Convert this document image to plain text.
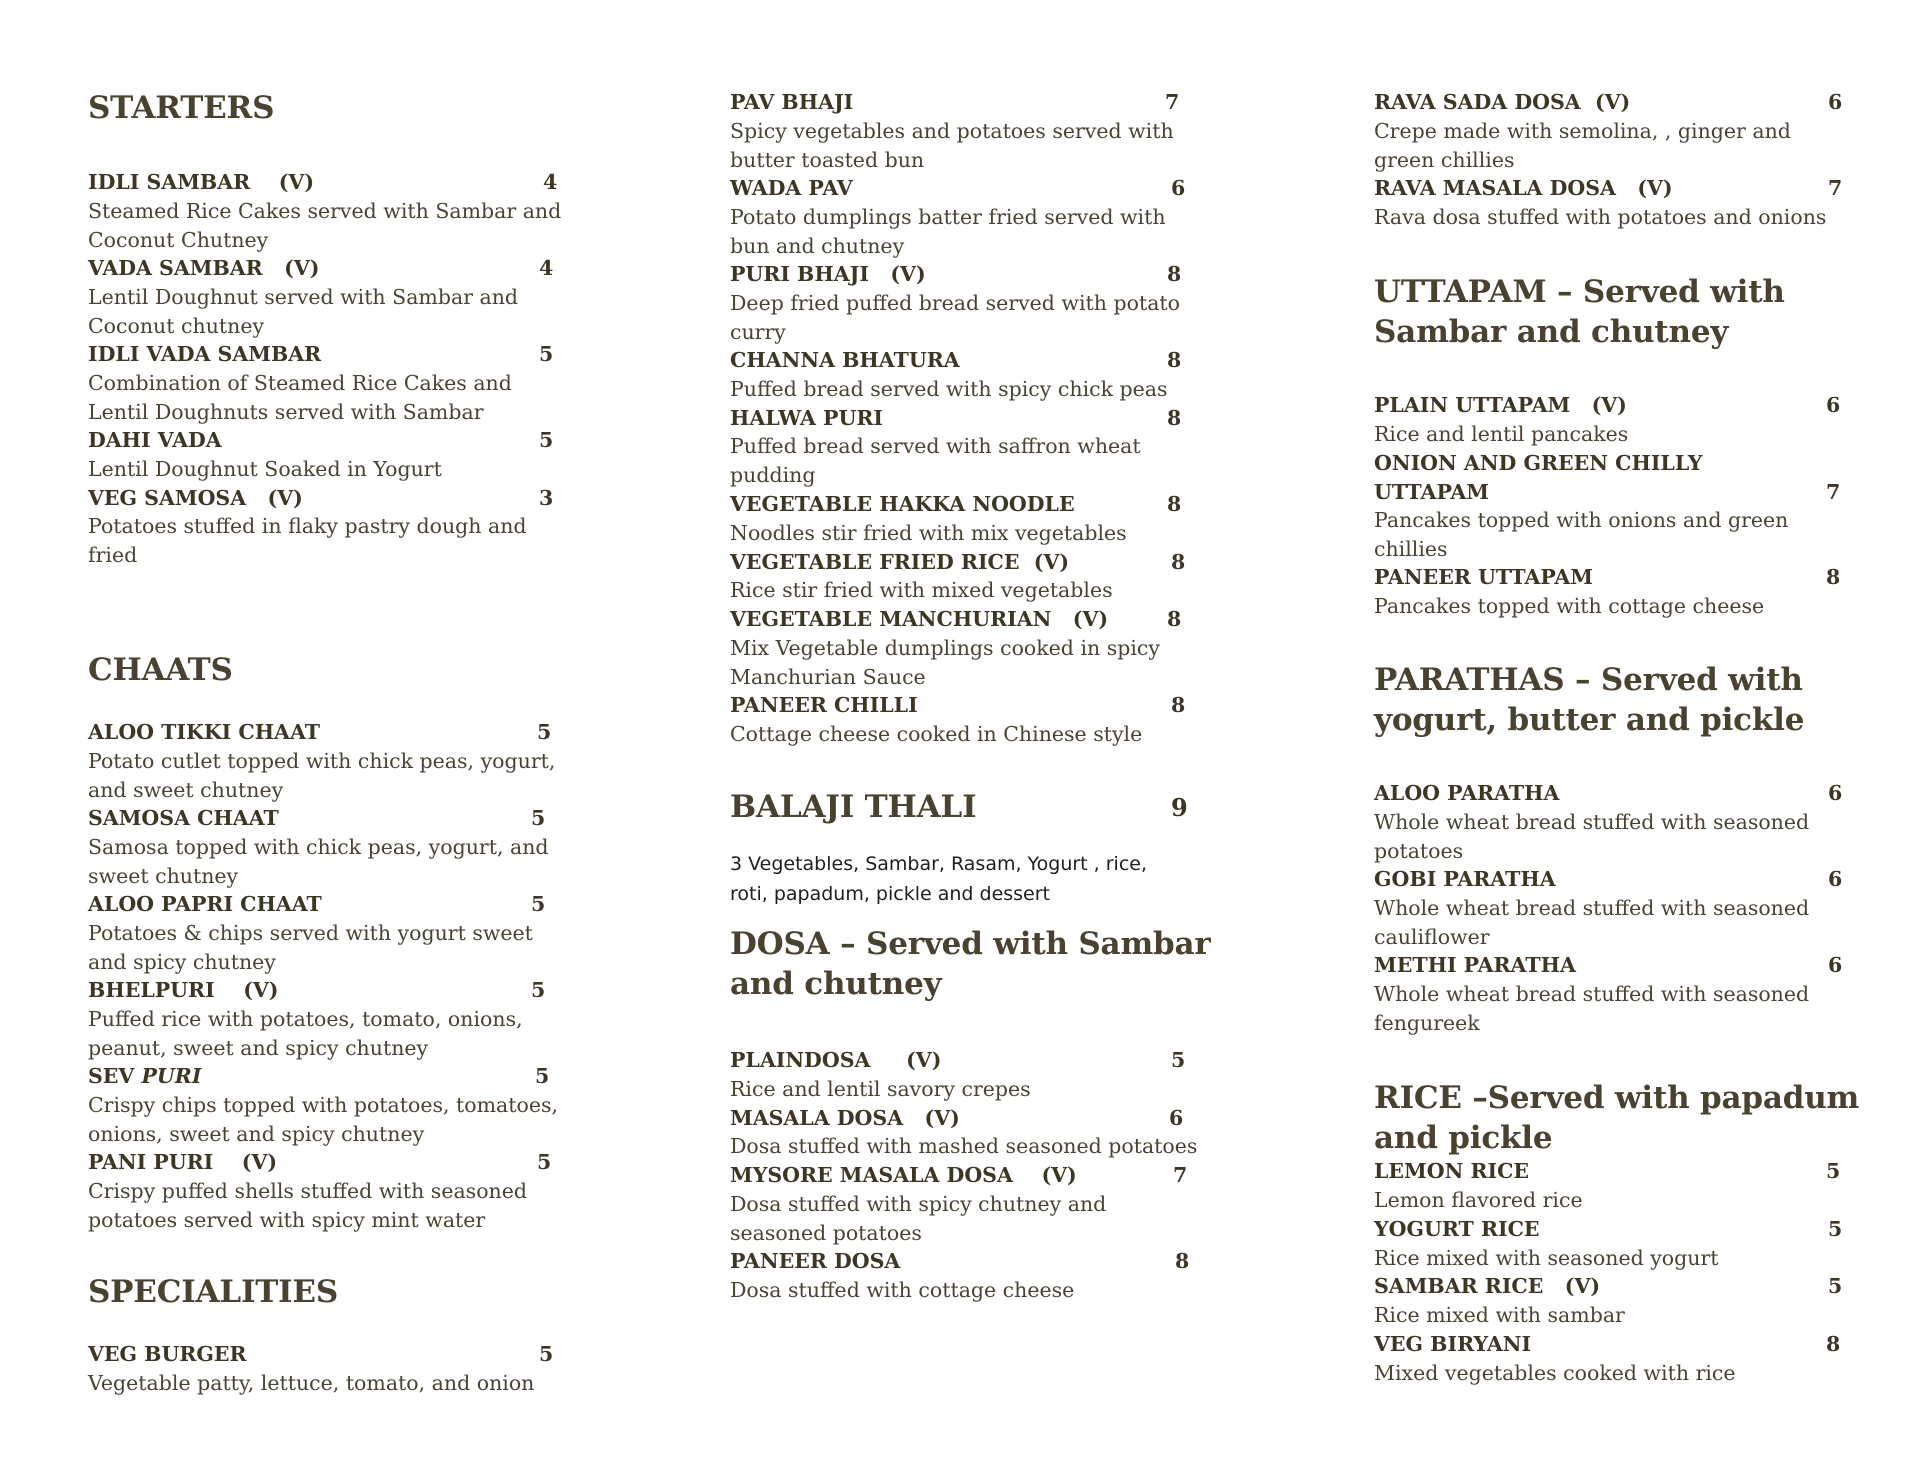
STARTERS
IDLI SAMBAR    (V)	4
Steamed Rice Cakes served with Sambar and
Coconut Chutney
VADA SAMBAR   (V)	4
Lentil Doughnut served with Sambar and
Coconut chutney
IDLI VADA SAMBAR	5
Combination of Steamed Rice Cakes and
Lentil Doughnuts served with Sambar
DAHI VADA	5
Lentil Doughnut Soaked in Yogurt
VEG SAMOSA   (V)	3
Potatoes stuffed in flaky pastry dough and
fried
CHAATS
ALOO TIKKI CHAAT	5
Potato cutlet topped with chick peas, yogurt,
and sweet chutney
SAMOSA CHAAT	5
Samosa topped with chick peas, yogurt, and
sweet chutney
ALOO PAPRI CHAAT	5
Potatoes & chips served with yogurt sweet
and spicy chutney
BHELPURI    (V)	5
Puffed rice with potatoes, tomato, onions,
peanut, sweet and spicy chutney
SEV PURI	5
Crispy chips topped with potatoes, tomatoes,
onions, sweet and spicy chutney
PANI PURI    (V)	5
Crispy puffed shells stuffed with seasoned
potatoes served with spicy mint water
SPECIALITIES
VEG BURGER	5
Vegetable patty, lettuce, tomato, and onion
PAV BHAJI	7
Spicy vegetables and potatoes served with
butter toasted bun
WADA PAV	6
Potato dumplings batter fried served with
bun and chutney
PURI BHAJI   (V)	8
Deep fried puffed bread served with potato
curry
CHANNA BHATURA	8
Puffed bread served with spicy chick peas
HALWA PURI	8
Puffed bread served with saffron wheat
pudding
VEGETABLE HAKKA NOODLE	8
Noodles stir fried with mix vegetables
VEGETABLE FRIED RICE  (V)	8
Rice stir fried with mixed vegetables
VEGETABLE MANCHURIAN   (V)	8
Mix Vegetable dumplings cooked in spicy
Manchurian Sauce
PANEER CHILLI	8
Cottage cheese cooked in Chinese style
BALAJI THALI	9
3 Vegetables, Sambar, Rasam, Yogurt , rice,
roti, papadum, pickle and dessert
DOSA – Served with Sambar
and chutney
PLAINDOSA     (V)	5
Rice and lentil savory crepes
MASALA DOSA   (V)	6
Dosa stuffed with mashed seasoned potatoes
MYSORE MASALA DOSA    (V)	7
Dosa stuffed with spicy chutney and
seasoned potatoes
PANEER DOSA	8
Dosa stuffed with cottage cheese
RAVA SADA DOSA  (V)	6
Crepe made with semolina, , ginger and
green chillies
RAVA MASALA DOSA   (V)	7
Rava dosa stuffed with potatoes and onions
UTTAPAM – Served with
Sambar and chutney
PLAIN UTTAPAM   (V)	6
Rice and lentil pancakes
ONION AND GREEN CHILLY
UTTAPAM	7
Pancakes topped with onions and green
chillies
PANEER UTTAPAM	8
Pancakes topped with cottage cheese
PARATHAS – Served with
yogurt, butter and pickle
ALOO PARATHA	6
Whole wheat bread stuffed with seasoned
potatoes
GOBI PARATHA	6
Whole wheat bread stuffed with seasoned
cauliflower
METHI PARATHA	6
Whole wheat bread stuffed with seasoned
fengureek
RICE –Served with papadum
and pickle
LEMON RICE	5
Lemon flavored rice
YOGURT RICE	5
Rice mixed with seasoned yogurt
SAMBAR RICE   (V)	5
Rice mixed with sambar
VEG BIRYANI	8
Mixed vegetables cooked with rice
